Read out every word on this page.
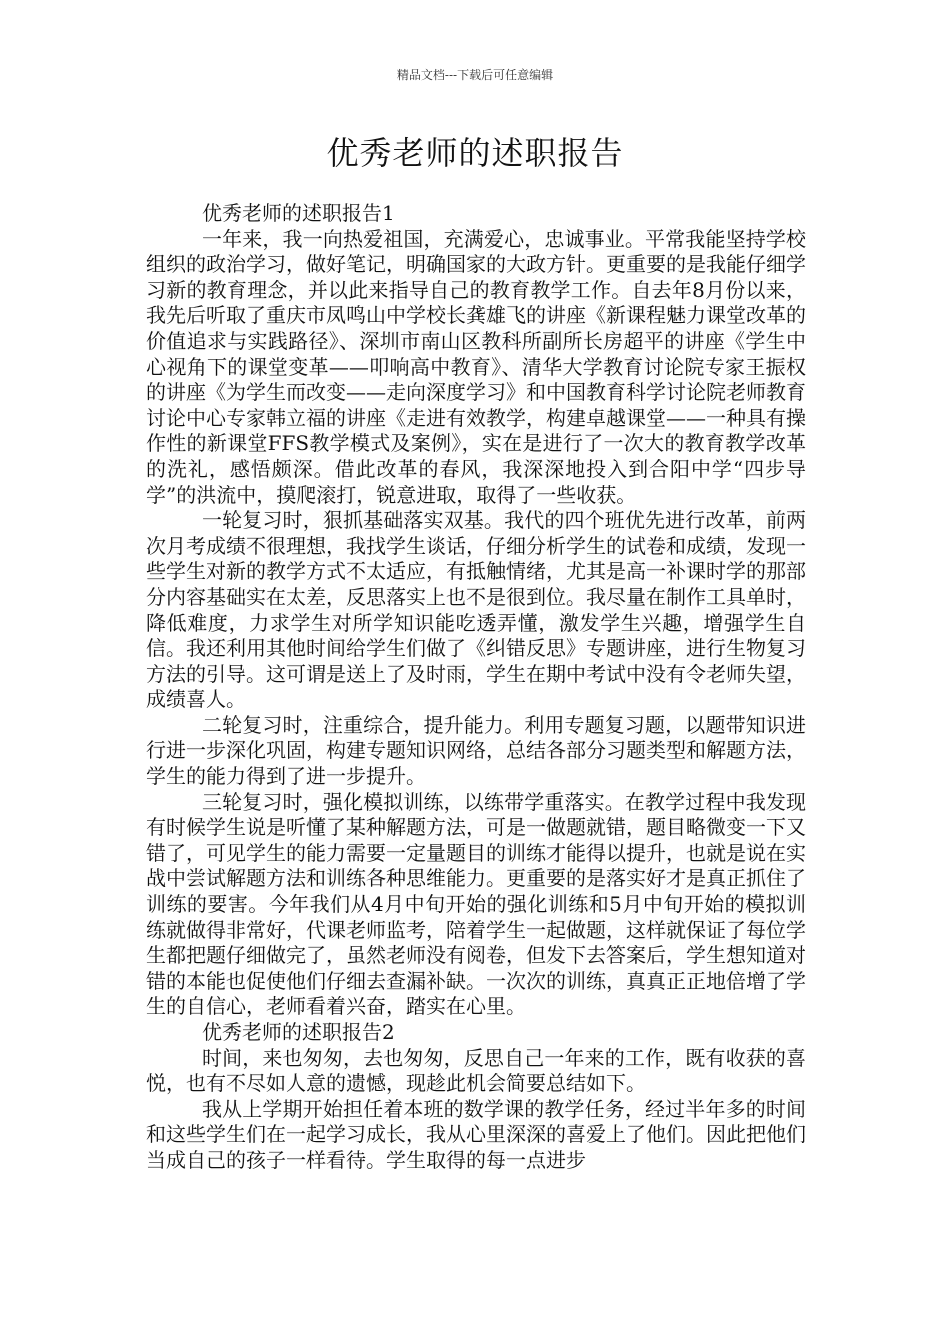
精品文档---下载后可任意编辑
优秀老师的述职报告

优秀老师的述职报告1

一年来，我一向热爱祖国，充满爱心，忠诚事业。平常我能坚持学校组织的政治学习，做好笔记，明确国家的大政方针。更重要的是我能仔细学习新的教育理念，并以此来指导自己的教育教学工作。自去年8月份以来，我先后听取了重庆市凤鸣山中学校长龚雄飞的讲座《新课程魅力课堂改革的价值追求与实践路径》、深圳市南山区教科所副所长房超平的讲座《学生中心视角下的课堂变革——叩响高中教育》、清华大学教育讨论院专家王振权的讲座《为学生而改变——走向深度学习》和中国教育科学讨论院老师教育讨论中心专家韩立福的讲座《走进有效教学，构建卓越课堂——一种具有操作性的新课堂FFS教学模式及案例》，实在是进行了一次大的教育教学改革的洗礼，感悟颇深。借此改革的春风，我深深地投入到合阳中学“四步导学”的洪流中，摸爬滚打，锐意进取，取得了一些收获。

一轮复习时，狠抓基础落实双基。我代的四个班优先进行改革，前两次月考成绩不很理想，我找学生谈话，仔细分析学生的试卷和成绩，发现一些学生对新的教学方式不太适应，有抵触情绪，尤其是高一补课时学的那部分内容基础实在太差，反思落实上也不是很到位。我尽量在制作工具单时，降低难度，力求学生对所学知识能吃透弄懂，激发学生兴趣，增强学生自信。我还利用其他时间给学生们做了《纠错反思》专题讲座，进行生物复习方法的引导。这可谓是送上了及时雨，学生在期中考试中没有令老师失望，成绩喜人。

二轮复习时，注重综合，提升能力。利用专题复习题，以题带知识进行进一步深化巩固，构建专题知识网络，总结各部分习题类型和解题方法，学生的能力得到了进一步提升。

三轮复习时，强化模拟训练，以练带学重落实。在教学过程中我发现有时候学生说是听懂了某种解题方法，可是一做题就错，题目略微变一下又错了，可见学生的能力需要一定量题目的训练才能得以提升，也就是说在实战中尝试解题方法和训练各种思维能力。更重要的是落实好才是真正抓住了训练的要害。今年我们从4月中旬开始的强化训练和5月中旬开始的模拟训练就做得非常好，代课老师监考，陪着学生一起做题，这样就保证了每位学生都把题仔细做完了，虽然老师没有阅卷，但发下去答案后，学生想知道对错的本能也促使他们仔细去查漏补缺。一次次的训练，真真正正地倍增了学生的自信心，老师看着兴奋，踏实在心里。

优秀老师的述职报告2

时间，来也匆匆，去也匆匆，反思自己一年来的工作，既有收获的喜悦，也有不尽如人意的遗憾，现趁此机会简要总结如下。

我从上学期开始担任着本班的数学课的教学任务，经过半年多的时间和这些学生们在一起学习成长，我从心里深深的喜爱上了他们。因此把他们当成自己的孩子一样看待。学生取得的每一点进步
